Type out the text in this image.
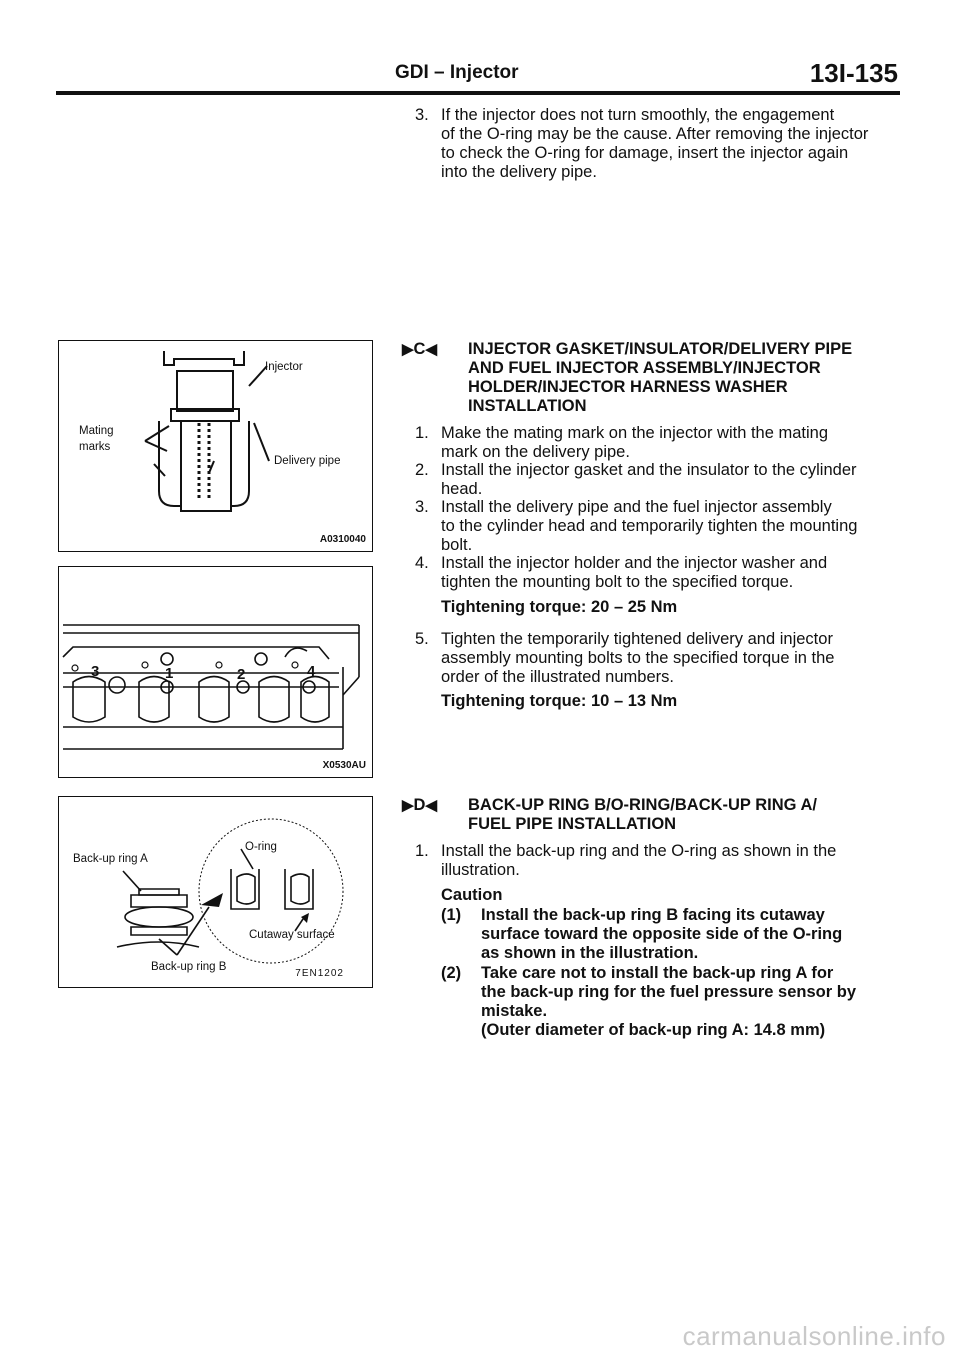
GDI – Injector	13I-135
3. If the injector does not turn smoothly, the engagement
of the O-ring may be the cause. After removing the injector
to check the O-ring for damage, insert the injector again
into the delivery pipe.
▶C◀ INJECTOR GASKET/INSULATOR/DELIVERY PIPE
AND FUEL INJECTOR ASSEMBLY/INJECTOR
HOLDER/INJECTOR HARNESS WASHER
INSTALLATION
1. Make the mating mark on the injector with the mating
mark on the delivery pipe.
2. Install the injector gasket and the insulator to the cylinder
head.
3. Install the delivery pipe and the fuel injector assembly
to the cylinder head and temporarily tighten the mounting
bolt.
4. Install the injector holder and the injector washer and
tighten the mounting bolt to the specified torque.
Tightening torque: 20 – 25 Nm
5. Tighten the temporarily tightened delivery and injector
assembly mounting bolts to the specified torque in the
order of the illustrated numbers.
Tightening torque: 10 – 13 Nm
▶D◀ BACK-UP RING B/O-RING/BACK-UP RING A/
FUEL PIPE INSTALLATION
1. Install the back-up ring and the O-ring as shown in the
illustration.
Caution
(1) Install the back-up ring B facing its cutaway
surface toward the opposite side of the O-ring
as shown in the illustration.
(2) Take care not to install the back-up ring A for
the back-up ring for the fuel pressure sensor by
mistake.
(Outer diameter of back-up ring A: 14.8 mm)
Injector
Mating
marks
Delivery pipe
A0310040
3	1	2	4
X0530AU
Back-up ring A
O-ring
Cutaway surface
Back-up ring B
7EN1202
carmanualsonline.info
